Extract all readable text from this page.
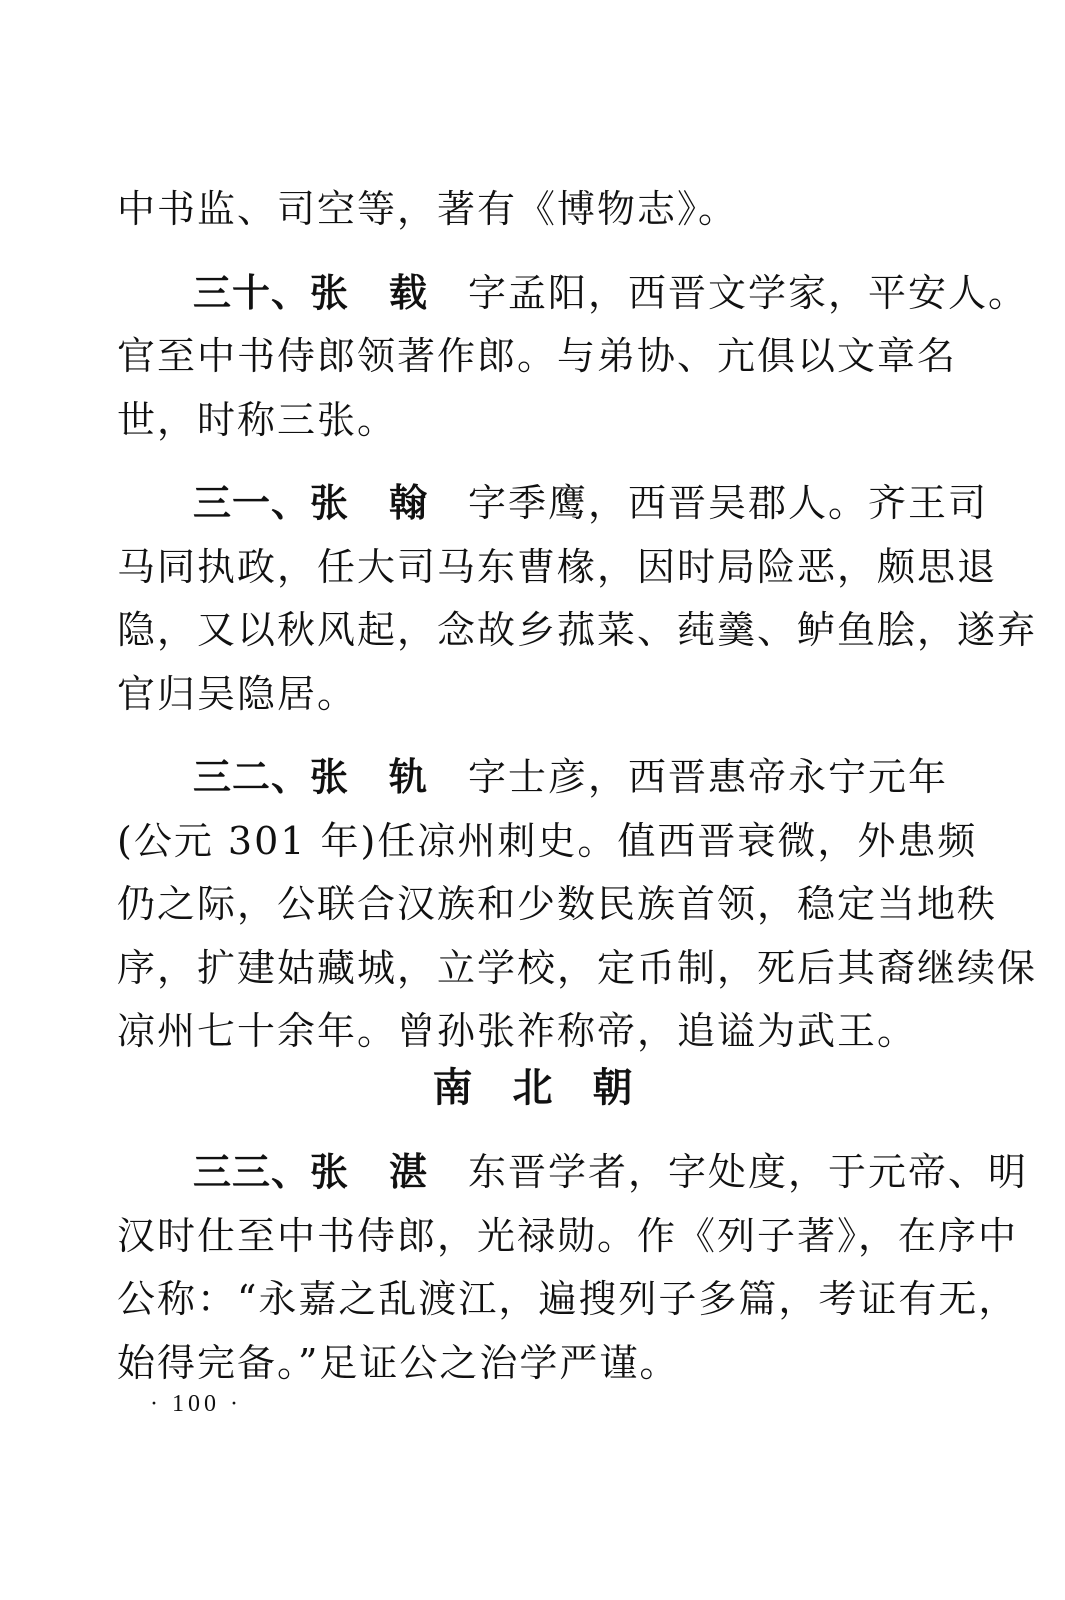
中书监、司空等，著有《博物志》。
三十、张 载 字孟阳，西晋文学家，平安人。
官至中书侍郎领著作郎。与弟协、亢俱以文章名
世，时称三张。
三一、张 翰 字季鹰，西晋吴郡人。齐王司
马同执政，任大司马东曹椽，因时局险恶，颇思退
隐，又以秋风起，念故乡菰菜、莼羹、鲈鱼脍，遂弃
官归吴隐居。
三二、张 轨 字士彦，西晋惠帝永宁元年
(公元 301 年)任凉州刺史。值西晋衰微，外患频
仍之际，公联合汉族和少数民族首领，稳定当地秩
序，扩建姑藏城，立学校，定币制，死后其裔继续保
凉州七十余年。曾孙张祚称帝，追谥为武王。
南北朝
三三、张 湛 东晋学者，字处度，于元帝、明
汉时仕至中书侍郎，光禄勋。作《列子著》，在序中
公称：“永嘉之乱渡江，遍搜列子多篇，考证有无，
始得完备。”足证公之治学严谨。
· 100 ·
